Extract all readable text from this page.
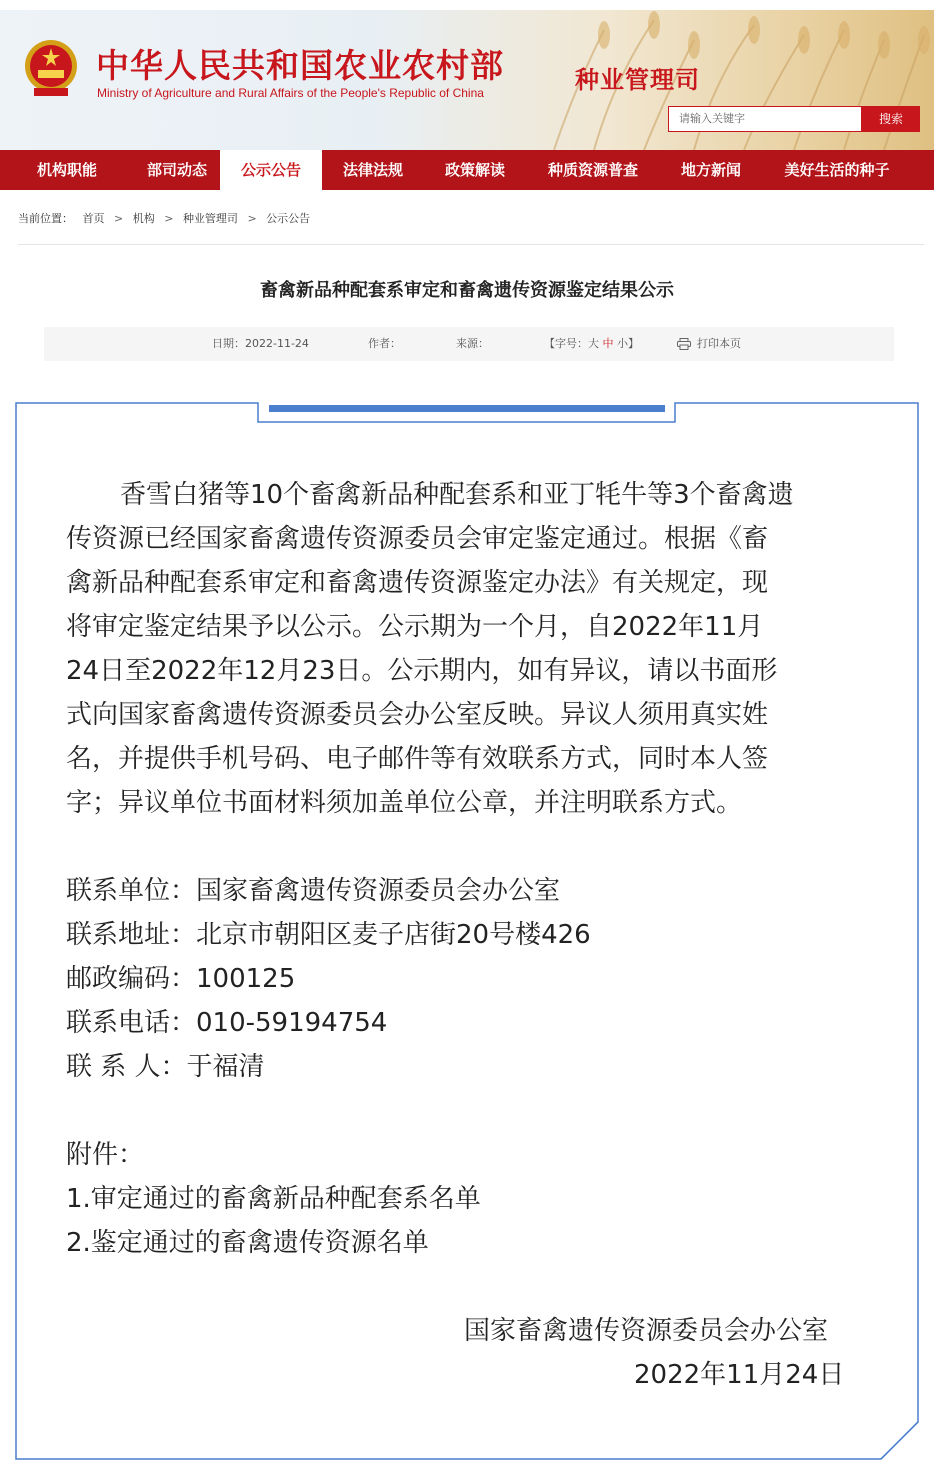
中华人民共和国农业农村部
Ministry of Agriculture and Rural Affairs of the People's Republic of China	种业管理司
请输入关键字	搜索
机构职能	部司动态	公示公告	法律法规	政策解读	种质资源普查	地方新闻	美好生活的种子
当前位置： 首页 > 机构 > 种业管理司 > 公示公告
畜禽新品种配套系审定和畜禽遗传资源鉴定结果公示
日期：2022-11-24	作者：	来源：	【字号：大 中 小】	打印本页
香雪白猪等10个畜禽新品种配套系和亚丁牦牛等3个畜禽遗
传资源已经国家畜禽遗传资源委员会审定鉴定通过。根据《畜
禽新品种配套系审定和畜禽遗传资源鉴定办法》有关规定，现
将审定鉴定结果予以公示。公示期为一个月，自2022年11月
24日至2022年12月23日。公示期内，如有异议，请以书面形
式向国家畜禽遗传资源委员会办公室反映。异议人须用真实姓
名，并提供手机号码、电子邮件等有效联系方式，同时本人签
字；异议单位书面材料须加盖单位公章，并注明联系方式。
联系单位：国家畜禽遗传资源委员会办公室
联系地址：北京市朝阳区麦子店街20号楼426
邮政编码：100125
联系电话：010-59194754
联 系 人：于福清
附件：
1.审定通过的畜禽新品种配套系名单
2.鉴定通过的畜禽遗传资源名单
国家畜禽遗传资源委员会办公室
2022年11月24日
